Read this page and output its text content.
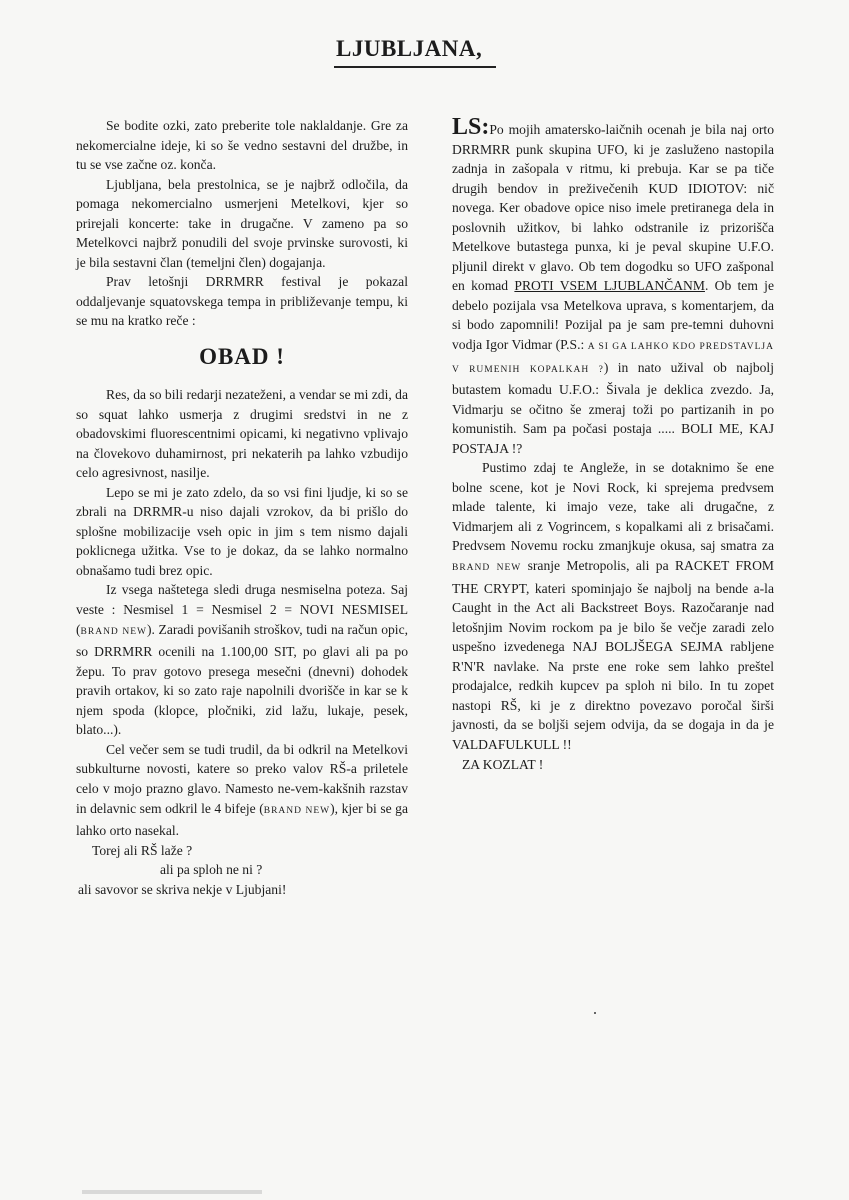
LJUBLJANA,

Se bodite ozki, zato preberite tole naklaldanje. Gre za nekomercialne ideje, ki so še vedno sestavni del družbe, in tu se vse začne oz. konča.

Ljubljana, bela prestolnica, se je najbrž odločila, da pomaga nekomercialno usmerjeni Metelkovi, kjer so prirejali koncerte: take in drugačne. V zameno pa so Metelkovci najbrž ponudili del svoje prvinske surovosti, ki je bila sestavni član (temeljni člen) dogajanja.

Prav letošnji DRRMRR festival je pokazal oddaljevanje squatovskega tempa in približevanje tempu, ki se mu na kratko reče :

OBAD !

Res, da so bili redarji nezateženi, a vendar se mi zdi, da so squat lahko usmerja z drugimi sredstvi in ne z obadovskimi fluorescentnimi opicami, ki negativno vplivajo na človekovo duhamirnost, pri nekaterih pa lahko vzbudijo celo agresivnost, nasilje.

Lepo se mi je zato zdelo, da so vsi fini ljudje, ki so se zbrali na DRRMR-u niso dajali vzrokov, da bi prišlo do splošne mobilizacije vseh opic in jim s tem nismo dajali poklicnega užitka. Vse to je dokaz, da se lahko normalno obnašamo tudi brez opic.

Iz vsega naštetega sledi druga nesmiselna poteza. Saj veste : Nesmisel 1 = Nesmisel 2 = NOVI NESMISEL (BRAND NEW). Zaradi povišanih stroškov, tudi na račun opic, so DRRMRR ocenili na 1.100,00 SIT, po glavi ali pa po žepu. To prav gotovo presega mesečni (dnevni) dohodek pravih ortakov, ki so zato raje napolnili dvorišče in kar se k njem spoda (klopce, pločniki, zid lažu, lukaje, pesek, blato...).

Cel večer sem se tudi trudil, da bi odkril na Metelkovi subkulturne novosti, katere so preko valov RŠ-a priletele celo v mojo prazno glavo. Namesto ne-vem-kakšnih razstav in delavnic sem odkril le 4 bifeje (BRAND NEW), kjer bi se ga lahko orto nasekal.

Torej ali RŠ laže ?

ali pa sploh ne ni ?

ali savovor se skriva nekje v Ljubjani!

LS:Po mojih amatersko-laičnih ocenah je bila naj orto DRRMRR punk skupina UFO, ki je zasluženo nastopila zadnja in zašopala v ritmu, ki prebuja. Kar se pa tiče drugih bendov in preživečenih KUD IDIOTOV: nič novega. Ker obadove opice niso imele pretiranega dela in poslovnih užitkov, bi lahko odstranile iz prizorišča Metelkove butastega punxa, ki je peval skupine U.F.O. pljunil direkt v glavo. Ob tem dogodku so UFO zašponal en komad PROTI VSEM LJUBLANČANM. Ob tem je debelo pozijala vsa Metelkova uprava, s komentarjem, da si bodo zapomnili! Pozijal pa je sam pre-temni duhovni vodja Igor Vidmar (P.S.: A SI GA LAHKO KDO PREDSTAVLJA V RUMENIH KOPALKAH ?) in nato užival ob najbolj butastem komadu U.F.O.: Šivala je deklica zvezdo. Ja, Vidmarju se očitno še zmeraj toži po partizanih in po komunistih. Sam pa počasi postaja ..... BOLI ME, KAJ POSTAJA !?

Pustimo zdaj te Angleže, in se dotaknimo še ene bolne scene, kot je Novi Rock, ki sprejema predvsem mlade talente, ki imajo veze, take ali drugačne, z Vidmarjem ali z Vogrincem, s kopalkami ali z brisačami. Predvsem Novemu rocku zmanjkuje okusa, saj smatra za BRAND NEW sranje Metropolis, ali pa RACKET FROM THE CRYPT, kateri spominjajo še najbolj na bende a-la Caught in the Act ali Backstreet Boys. Razočaranje nad letošnjim Novim rockom pa je bilo še večje zaradi zelo uspešno izvedenega NAJ BOLJŠEGA SEJMA rabljene R'N'R navlake. Na prste ene roke sem lahko preštel prodajalce, redkih kupcev pa sploh ni bilo. In tu zopet nastopi RŠ, ki je z direktno povezavo poročal širši javnosti, da se boljši sejem odvija, da se dogaja in da je VALDAFULKULL !!

ZA KOZLAT !
